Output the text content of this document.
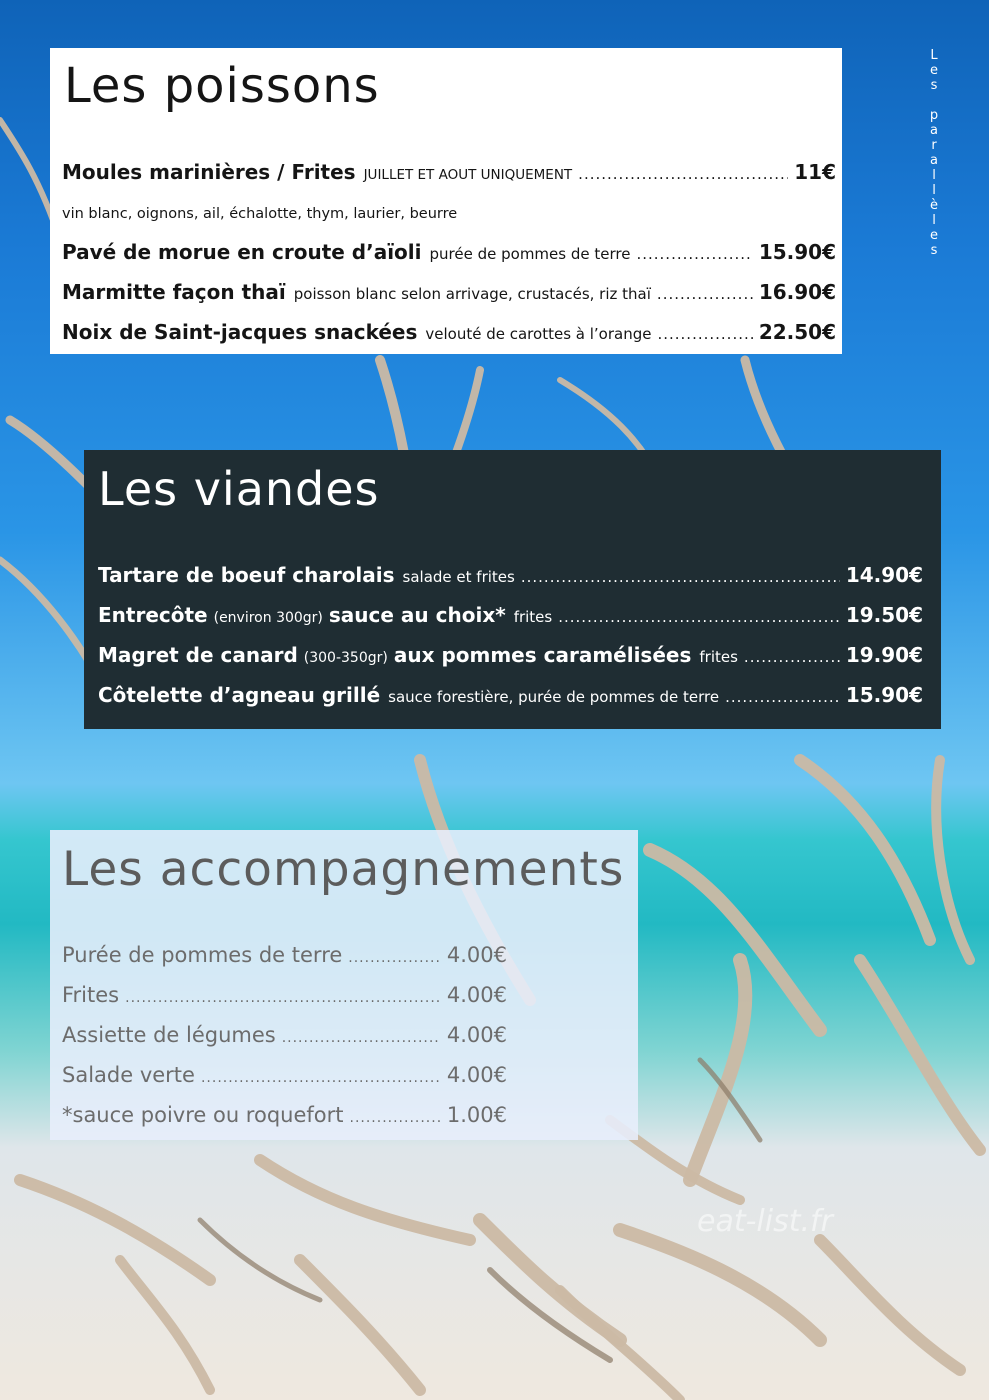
L
e
s

p
a
r
a
l
l
è
l
e
s
Les poissons
Moules marinières / Frites JUILLET ET AOUT UNIQUEMENT .....	11€
vin blanc, oignons, ail, échalotte, thym, laurier, beurre
Pavé de morue en croute d’aïoli purée de pommes de terre .....	15.90€
Marmitte façon thaï poisson blanc selon arrivage, crustacés, riz thaï .....	16.90€
Noix de Saint-jacques snackées velouté de carottes à l’orange .....	22.50€
Les viandes
Tartare de boeuf charolais salade et frites .....	14.90€
Entrecôte (environ 300gr) sauce au choix* frites .....	19.50€
Magret de canard (300-350gr) aux pommes caramélisées frites .....	19.90€
Côtelette d’agneau grillé sauce forestière, purée de pommes de terre .....	15.90€
Les accompagnements
Purée de pommes de terre .....	4.00€
Frites .....	4.00€
Assiette de légumes .....	4.00€
Salade verte .....	4.00€
*sauce poivre ou roquefort .....	1.00€
eat-list.fr
